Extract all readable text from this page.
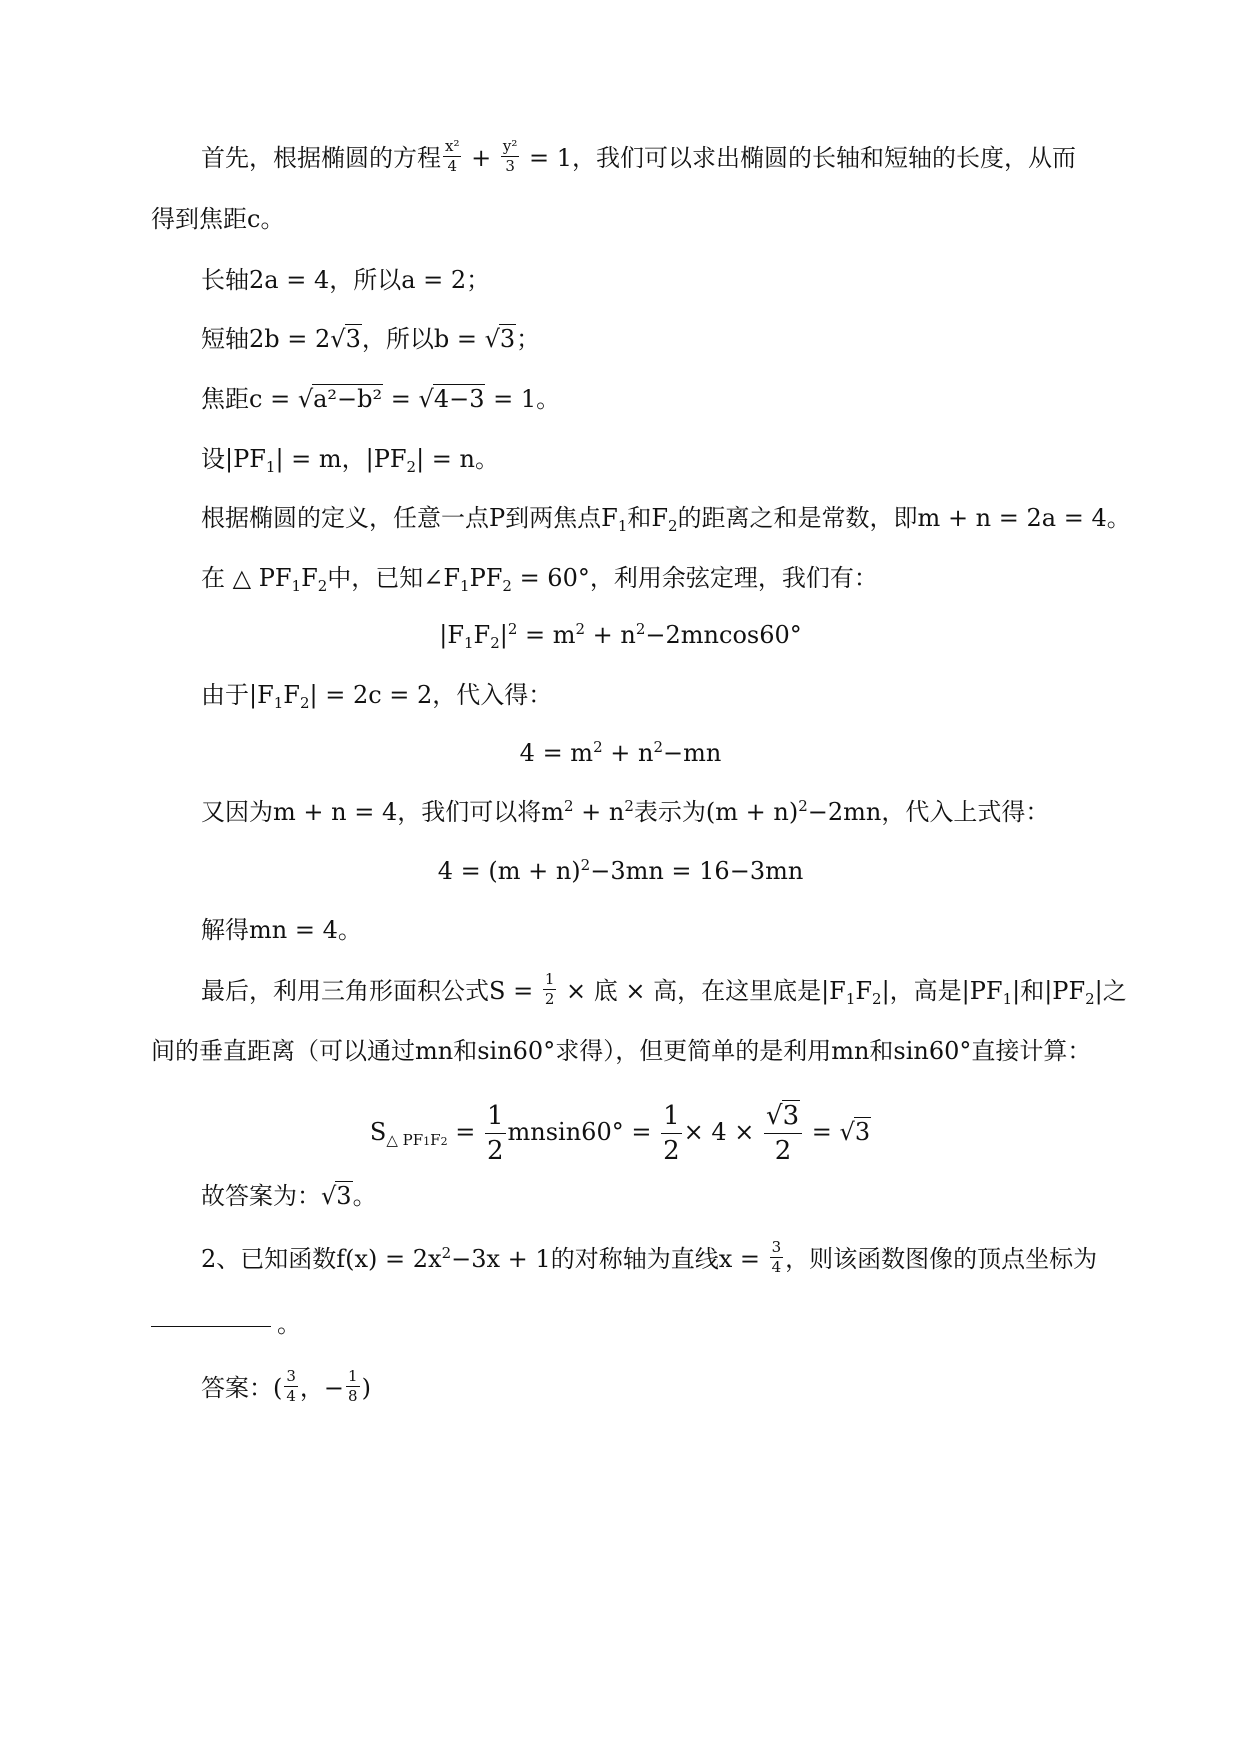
首先，根据椭圆的方程 $\frac{\text{x²}}{4} + \frac{\text{y²}}{3} = 1$，我们可以求出椭圆的长轴和短轴的长度，从而
得到焦距c。
长轴2a = 4，所以a = 2；
短轴2b = 2√3，所以b = √3；
焦距c = √a²−b² = √4−3 = 1。
设$|PF_1| = m$，$|PF_2| = n$。
根据椭圆的定义，任意一点P到两焦点$F_1$和$F_2$的距离之和是常数，即m + n = 2a = 4。
在 △ $PF_1F_2$中，已知$\angle F_1PF_2 = 60^\circ$，利用余弦定理，我们有：
$|F_1F_2|^2 = m^2 + n^2-2mncos60^\circ$
由于$|F_1F_2| = 2c = 2$，代入得：
$4 = m^2 + n^2-mn$
又因为m + n = 4，我们可以将$m^2 + n^2$表示为$(m + n)^2-2mn$，代入上式得：
$4 = (m + n)^2-3mn = 16-3mn$
解得mn = 4。
最后，利用三角形面积公式$S = \frac{1}{2}$ × 底 × 高，在这里底是$|F_1F_2|$，高是$|PF_1|$和$|PF_2|$之
间的垂直距离（可以通过mn和sin60°求得），但更简单的是利用mn和sin60°直接计算：
$S_{\triangle PF1F2} = \frac{1}{2} mnsin60^\circ = \frac{1}{2} \times 4 \times \frac{√3}{2} = √3$
故答案为：√3。
2、已知函数$f(x) = 2x^2-3x + 1$的对称轴为直线$x = \frac{3}{4}$ ，则该函数图像的顶点坐标为
。
答案：( $\frac{3}{4}$ ，− $\frac{1}{8}$ )
